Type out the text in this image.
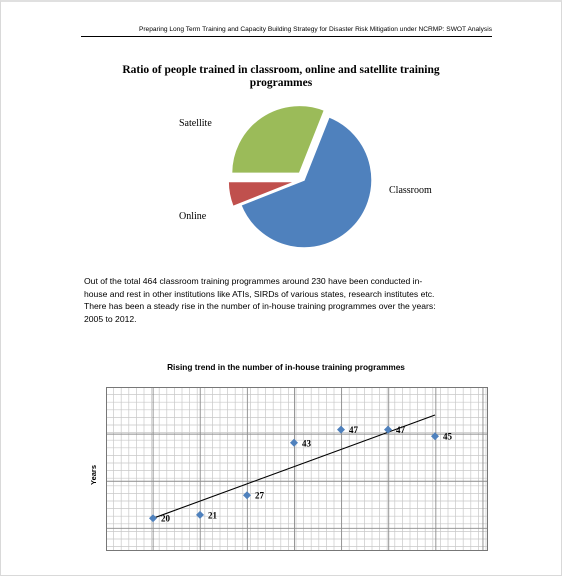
Preparing Long Term Training and Capacity Building Strategy for Disaster Risk Mitigation under NCRMP: SWOT Analysis
Ratio of people trained in classroom, online and satellite training programmes
Satellite
Online
Classroom
Out of the total 464 classroom training programmes around 230 have been conducted in-
house and rest in other institutions like ATIs, SIRDs of various states, research institutes etc.
There has been a steady rise in the number of in-house training programmes over the years:
2005 to 2012.
Rising trend in the number of in-house training programmes
Years
20	21
27
43
47	47
45
